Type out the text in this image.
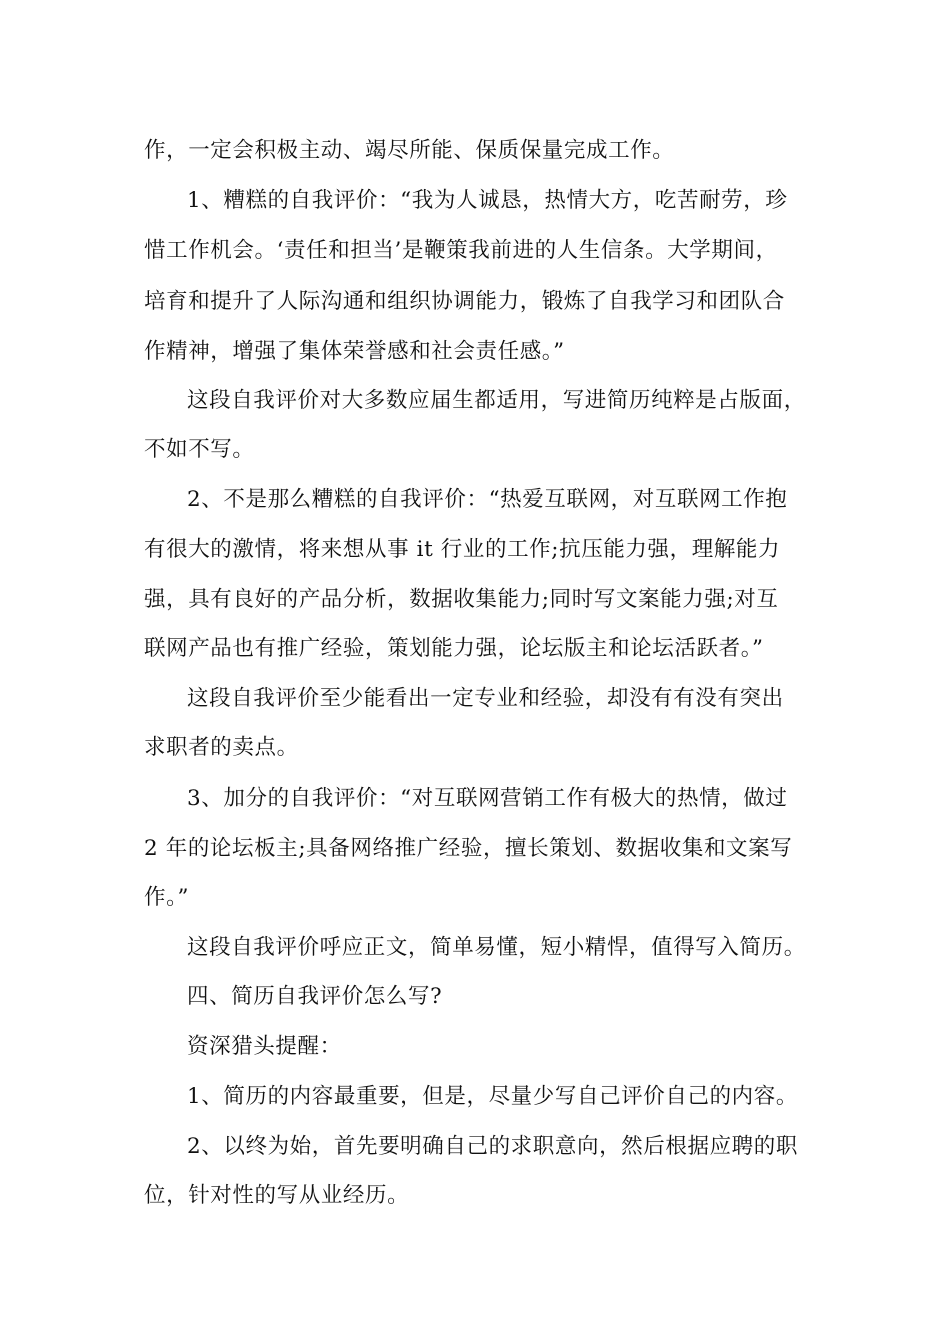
作，一定会积极主动、竭尽所能、保质保量完成工作。
1、糟糕的自我评价：“我为人诚恳，热情大方，吃苦耐劳，珍
惜工作机会。‘责任和担当’是鞭策我前进的人生信条。大学期间，
培育和提升了人际沟通和组织协调能力，锻炼了自我学习和团队合
作精神，增强了集体荣誉感和社会责任感。”
这段自我评价对大多数应届生都适用，写进简历纯粹是占版面，
不如不写。
2、不是那么糟糕的自我评价：“热爱互联网，对互联网工作抱
有很大的激情，将来想从事 it 行业的工作;抗压能力强，理解能力
强，具有良好的产品分析，数据收集能力;同时写文案能力强;对互
联网产品也有推广经验，策划能力强，论坛版主和论坛活跃者。”
这段自我评价至少能看出一定专业和经验，却没有有没有突出
求职者的卖点。
3、加分的自我评价：“对互联网营销工作有极大的热情，做过
2 年的论坛板主;具备网络推广经验，擅长策划、数据收集和文案写
作。”
这段自我评价呼应正文，简单易懂，短小精悍，值得写入简历。
四、简历自我评价怎么写?
资深猎头提醒：
1、简历的内容最重要，但是，尽量少写自己评价自己的内容。
2、以终为始，首先要明确自己的求职意向，然后根据应聘的职
位，针对性的写从业经历。
